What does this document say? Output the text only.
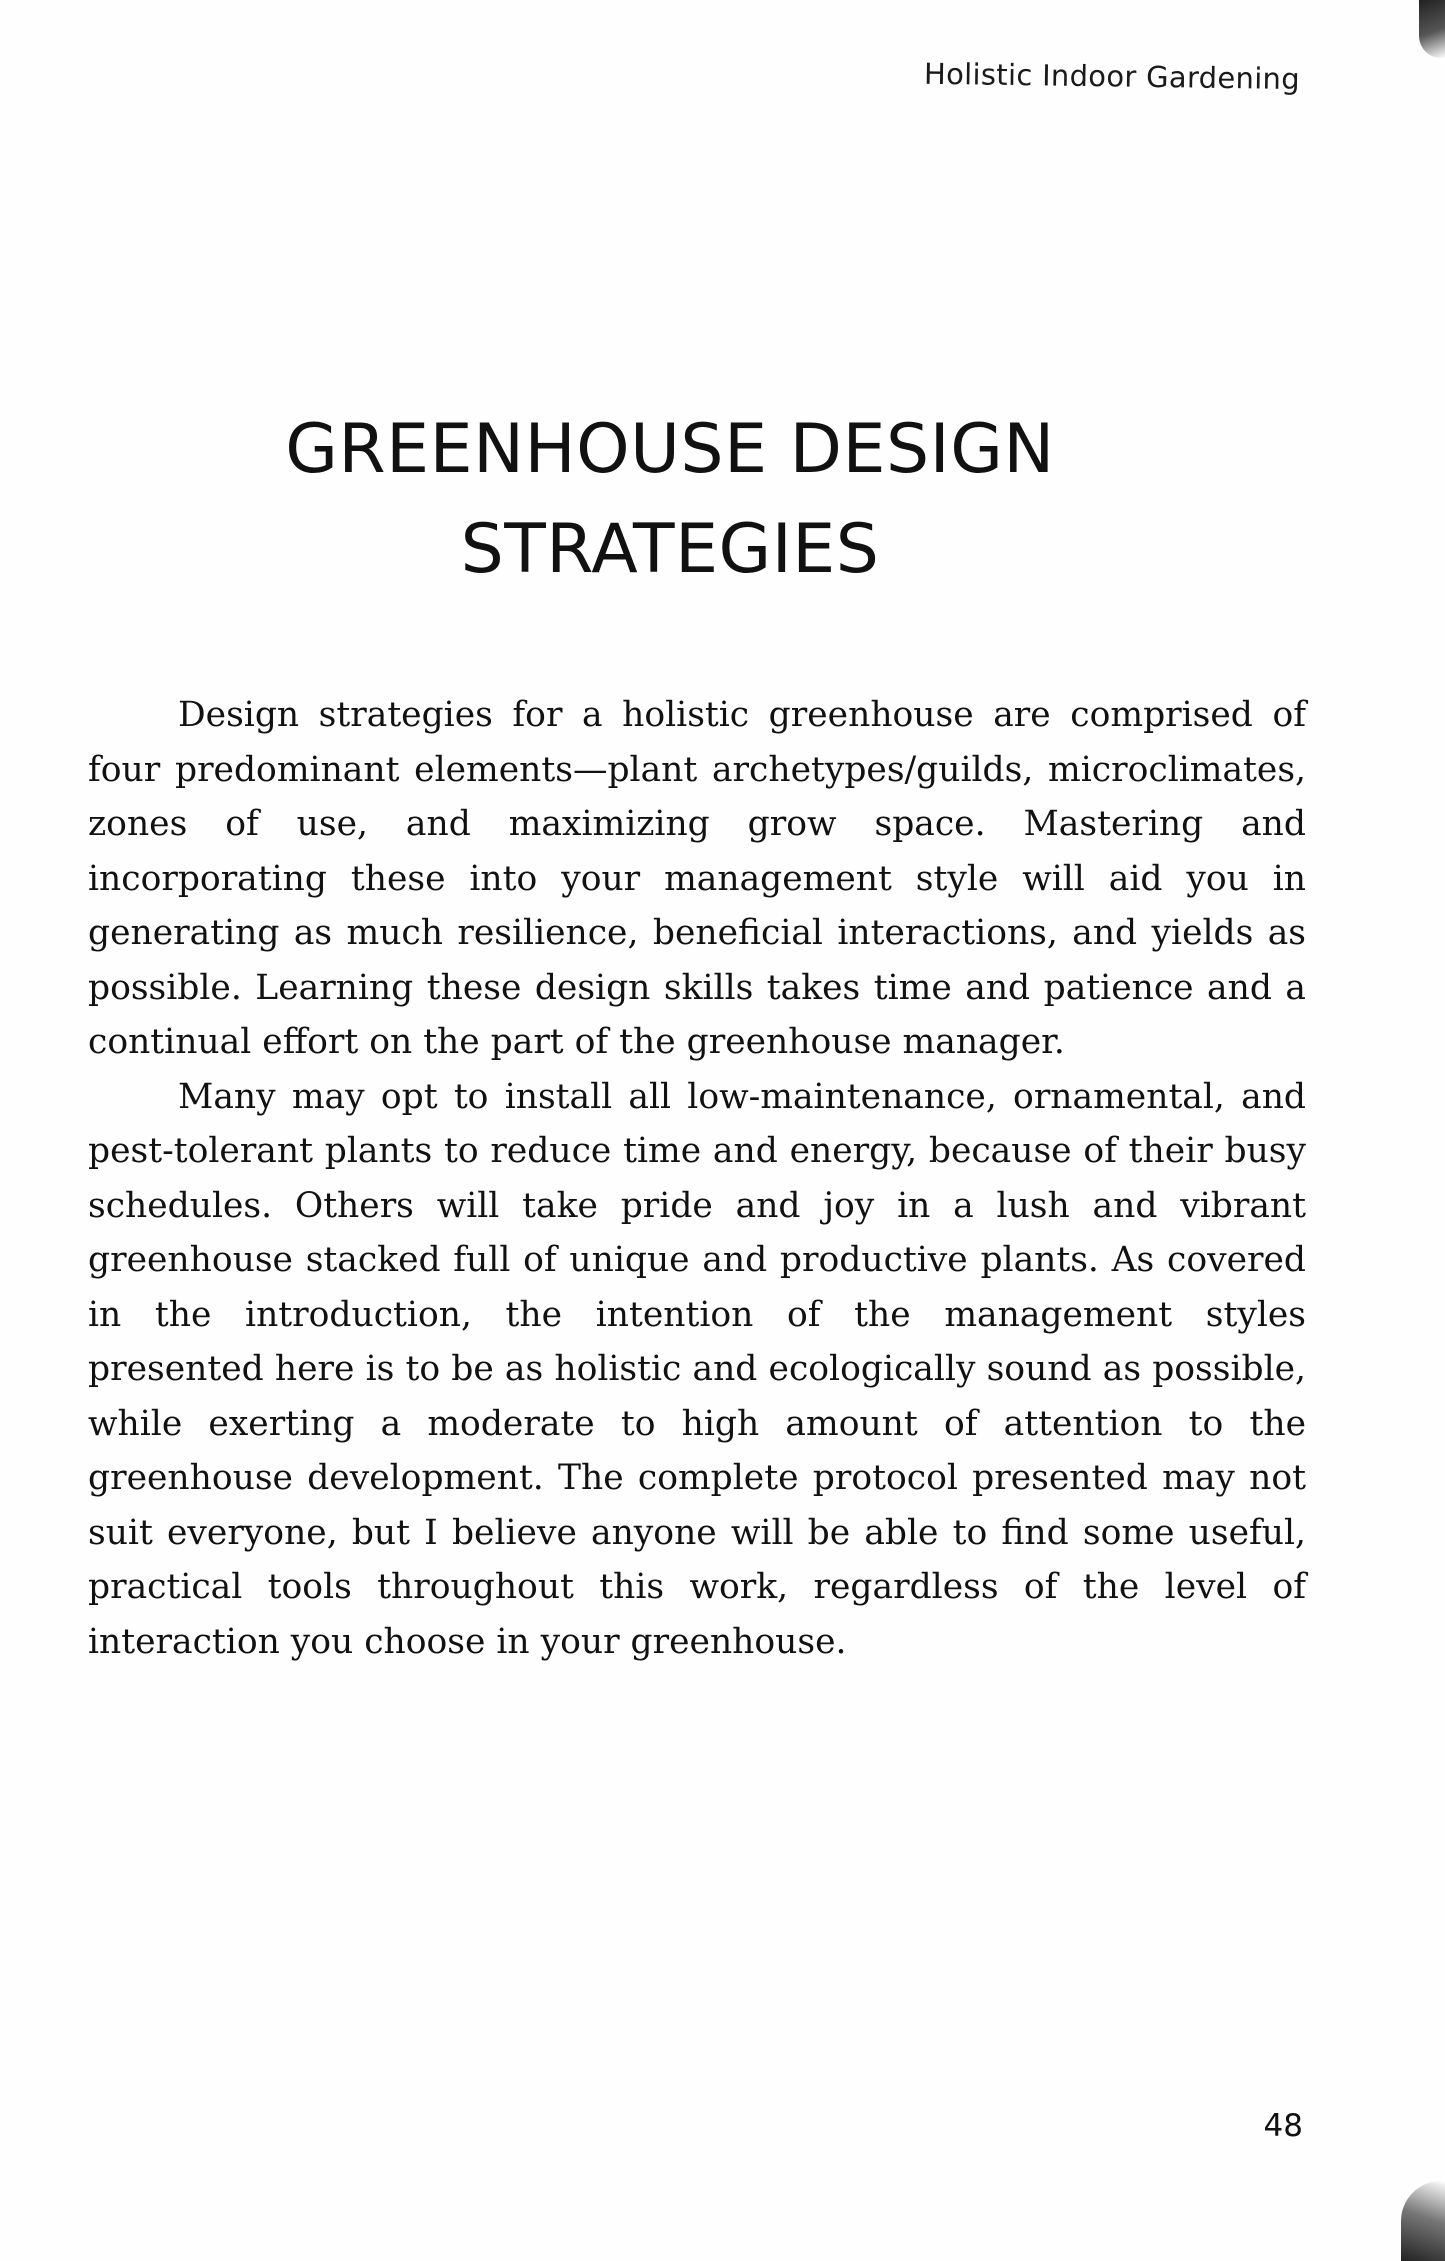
Holistic Indoor Gardening
GREENHOUSE DESIGN
STRATEGIES

Design strategies for a holistic greenhouse are comprised of four predominant elements—plant archetypes/guilds, microclimates, zones of use, and maximizing grow space. Mastering and incorporating these into your management style will aid you in generating as much resilience, beneficial interactions, and yields as possible. Learning these design skills takes time and patience and a continual effort on the part of the greenhouse manager.

Many may opt to install all low-maintenance, ornamental, and pest-tolerant plants to reduce time and energy, because of their busy schedules. Others will take pride and joy in a lush and vibrant greenhouse stacked full of unique and productive plants. As covered in the introduction, the intention of the management styles presented here is to be as holistic and ecologically sound as possible, while exerting a moderate to high amount of attention to the greenhouse development. The complete protocol presented may not suit everyone, but I believe anyone will be able to find some useful, practical tools throughout this work, regardless of the level of interaction you choose in your greenhouse.

48
